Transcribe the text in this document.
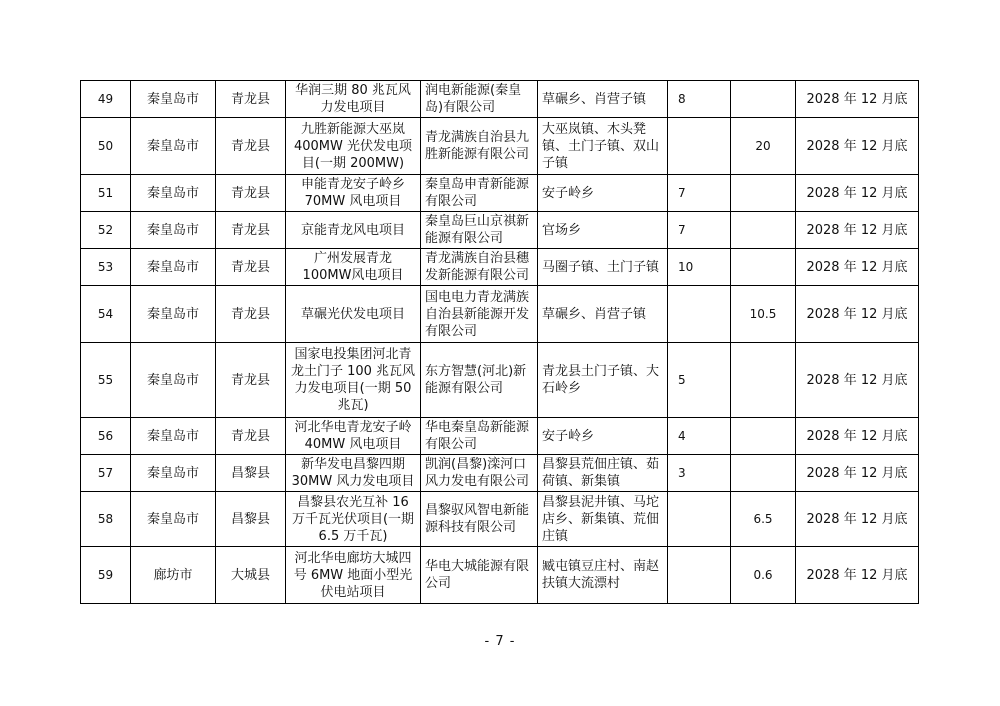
49	秦皇岛市	青龙县	华润三期 80 兆瓦风力发电项目	润电新能源(秦皇岛)有限公司	草碾乡、肖营子镇	8		2028 年 12 月底
50	秦皇岛市	青龙县	九胜新能源大巫岚400MW 光伏发电项目(一期 200MW)	青龙满族自治县九胜新能源有限公司	大巫岚镇、木头凳镇、土门子镇、双山子镇		20	2028 年 12 月底
51	秦皇岛市	青龙县	申能青龙安子岭乡70MW 风电项目	秦皇岛申青新能源有限公司	安子岭乡	7		2028 年 12 月底
52	秦皇岛市	青龙县	京能青龙风电项目	秦皇岛巨山京祺新能源有限公司	官场乡	7		2028 年 12 月底
53	秦皇岛市	青龙县	广州发展青龙 100MW风电项目	青龙满族自治县穗发新能源有限公司	马圈子镇、土门子镇	10		2028 年 12 月底
54	秦皇岛市	青龙县	草碾光伏发电项目	国电电力青龙满族自治县新能源开发有限公司	草碾乡、肖营子镇		10.5	2028 年 12 月底
55	秦皇岛市	青龙县	国家电投集团河北青龙土门子 100 兆瓦风力发电项目(一期 50兆瓦)	东方智慧(河北)新能源有限公司	青龙县土门子镇、大石岭乡	5		2028 年 12 月底
56	秦皇岛市	青龙县	河北华电青龙安子岭40MW 风电项目	华电秦皇岛新能源有限公司	安子岭乡	4		2028 年 12 月底
57	秦皇岛市	昌黎县	新华发电昌黎四期30MW 风力发电项目	凯润(昌黎)滦河口风力发电有限公司	昌黎县荒佃庄镇、茹荷镇、新集镇	3		2028 年 12 月底
58	秦皇岛市	昌黎县	昌黎县农光互补 16 万千瓦光伏项目(一期6.5 万千瓦)	昌黎驭风智电新能源科技有限公司	昌黎县泥井镇、马坨店乡、新集镇、荒佃庄镇		6.5	2028 年 12 月底
59	廊坊市	大城县	河北华电廊坊大城四号 6MW 地面小型光伏电站项目	华电大城能源有限公司	臧屯镇豆庄村、南赵扶镇大流漂村		0.6	2028 年 12 月底
- 7 -
